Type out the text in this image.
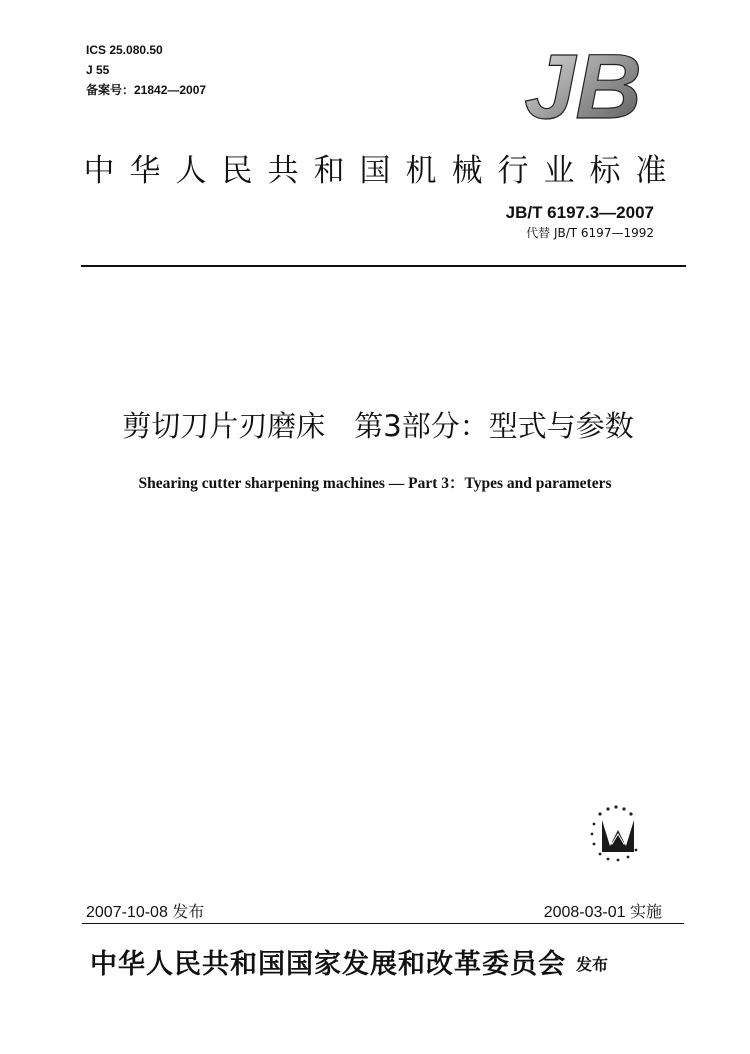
ICS 25.080.50
J 55
备案号：21842—2007	JB
中华人民共和国机械行业标准
JB/T 6197.3—2007
代替 JB/T 6197—1992
剪切刀片刃磨床　第3部分：型式与参数
Shearing cutter sharpening machines — Part 3：Types and parameters
2007-10-08 发布	2008-03-01 实施
中华人民共和国国家发展和改革委员会 发布
